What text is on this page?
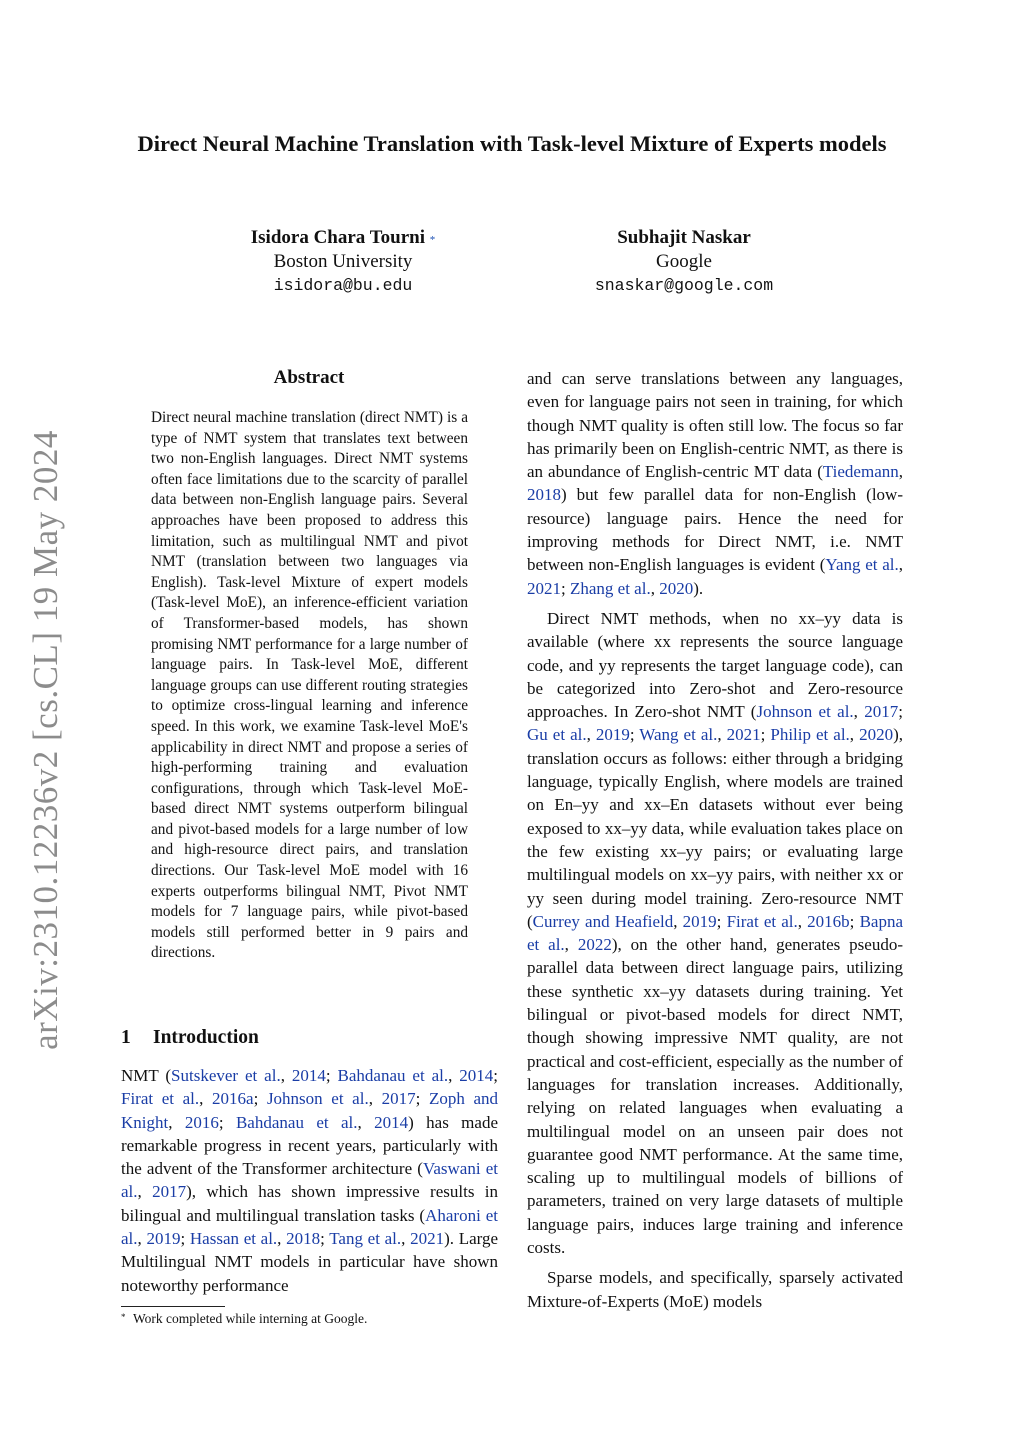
arXiv:2310.12236v2 [cs.CL] 19 May 2024
Direct Neural Machine Translation with Task-level Mixture of Experts models
Isidora Chara Tourni *
Boston University
isidora@bu.edu
Subhajit Naskar
Google
snaskar@google.com
Abstract

Direct neural machine translation (direct NMT) is a type of NMT system that translates text between two non-English languages. Direct NMT systems often face limitations due to the scarcity of parallel data between non-English language pairs. Several approaches have been proposed to address this limitation, such as multilingual NMT and pivot NMT (translation between two languages via English). Task-level Mixture of expert models (Task-level MoE), an inference-efficient variation of Transformer-based models, has shown promising NMT performance for a large number of language pairs. In Task-level MoE, different language groups can use different routing strategies to optimize cross-lingual learning and inference speed. In this work, we examine Task-level MoE's applicability in direct NMT and propose a series of high-performing training and evaluation configurations, through which Task-level MoE-based direct NMT systems outperform bilingual and pivot-based models for a large number of low and high-resource direct pairs, and translation directions. Our Task-level MoE model with 16 experts outperforms bilingual NMT, Pivot NMT models for 7 language pairs, while pivot-based models still performed better in 9 pairs and directions.

1 Introduction

NMT (Sutskever et al., 2014; Bahdanau et al., 2014; Firat et al., 2016a; Johnson et al., 2017; Zoph and Knight, 2016; Bahdanau et al., 2014) has made remarkable progress in recent years, particularly with the advent of the Transformer architecture (Vaswani et al., 2017), which has shown impressive results in bilingual and multilingual translation tasks (Aharoni et al., 2019; Hassan et al., 2018; Tang et al., 2021). Large Multilingual NMT models in particular have shown noteworthy performance

* Work completed while interning at Google.

and can serve translations between any languages, even for language pairs not seen in training, for which though NMT quality is often still low. The focus so far has primarily been on English-centric NMT, as there is an abundance of English-centric MT data (Tiedemann, 2018) but few parallel data for non-English (low-resource) language pairs. Hence the need for improving methods for Direct NMT, i.e. NMT between non-English languages is evident (Yang et al., 2021; Zhang et al., 2020).

Direct NMT methods, when no xx–yy data is available (where xx represents the source language code, and yy represents the target language code), can be categorized into Zero-shot and Zero-resource approaches. In Zero-shot NMT (Johnson et al., 2017; Gu et al., 2019; Wang et al., 2021; Philip et al., 2020), translation occurs as follows: either through a bridging language, typically English, where models are trained on En–yy and xx–En datasets without ever being exposed to xx–yy data, while evaluation takes place on the few existing xx–yy pairs; or evaluating large multilingual models on xx–yy pairs, with neither xx or yy seen during model training. Zero-resource NMT (Currey and Heafield, 2019; Firat et al., 2016b; Bapna et al., 2022), on the other hand, generates pseudo-parallel data between direct language pairs, utilizing these synthetic xx–yy datasets during training. Yet bilingual or pivot-based models for direct NMT, though showing impressive NMT quality, are not practical and cost-efficient, especially as the number of languages for translation increases. Additionally, relying on related languages when evaluating a multilingual model on an unseen pair does not guarantee good NMT performance. At the same time, scaling up to multilingual models of billions of parameters, trained on very large datasets of multiple language pairs, induces large training and inference costs.

Sparse models, and specifically, sparsely activated Mixture-of-Experts (MoE) models
